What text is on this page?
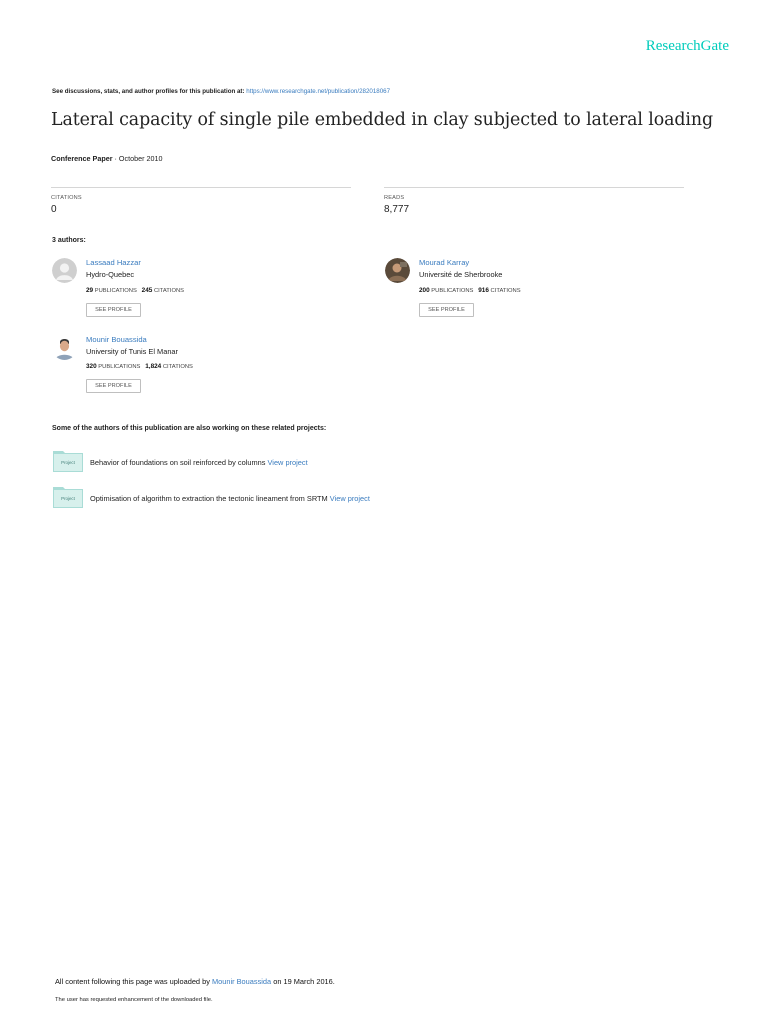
ResearchGate
See discussions, stats, and author profiles for this publication at: https://www.researchgate.net/publication/282018067
Lateral capacity of single pile embedded in clay subjected to lateral loading
Conference Paper · October 2010
CITATIONS
0
READS
8,777
3 authors:
Lassaad Hazzar
Hydro-Quebec
29 PUBLICATIONS 245 CITATIONS
SEE PROFILE
Mourad Karray
Université de Sherbrooke
200 PUBLICATIONS 916 CITATIONS
SEE PROFILE
Mounir Bouassida
University of Tunis El Manar
320 PUBLICATIONS 1,824 CITATIONS
SEE PROFILE
Some of the authors of this publication are also working on these related projects:
Project	Behavior of foundations on soil reinforced by columns View project
Project	Optimisation of algorithm to extraction the tectonic lineament from SRTM View project
All content following this page was uploaded by Mounir Bouassida on 19 March 2016.
The user has requested enhancement of the downloaded file.
